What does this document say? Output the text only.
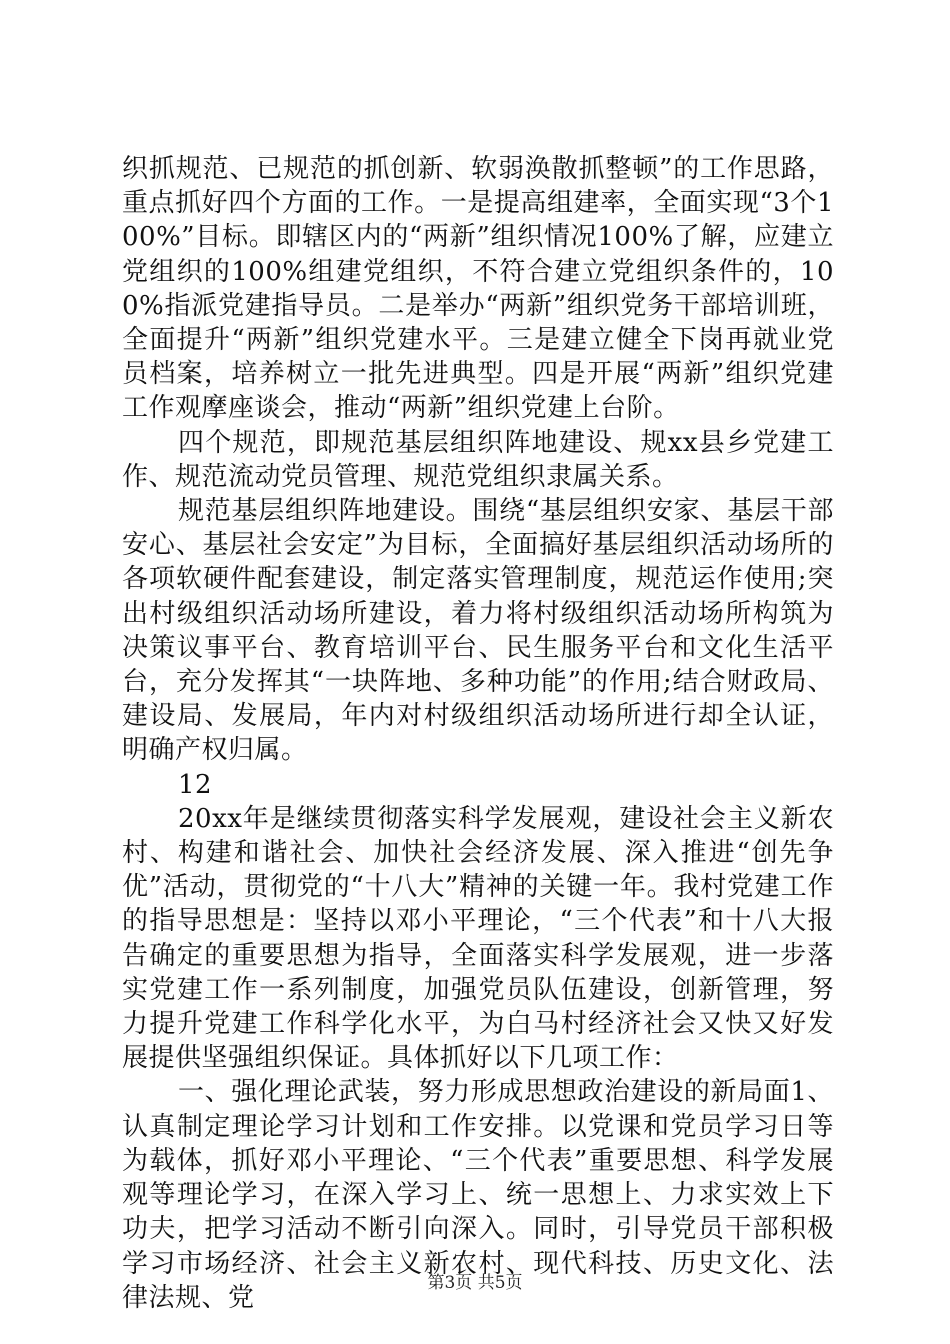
织抓规范、已规范的抓创新、软弱涣散抓整顿”的工作思路，重点抓好四个方面的工作。一是提高组建率，全面实现“3个100%”目标。即辖区内的“两新”组织情况100%了解，应建立党组织的100%组建党组织，不符合建立党组织条件的，100%指派党建指导员。二是举办“两新”组织党务干部培训班，全面提升“两新”组织党建水平。三是建立健全下岗再就业党员档案，培养树立一批先进典型。四是开展“两新”组织党建工作观摩座谈会，推动“两新”组织党建上台阶。

四个规范，即规范基层组织阵地建设、规xx县乡党建工作、规范流动党员管理、规范党组织隶属关系。

规范基层组织阵地建设。围绕“基层组织安家、基层干部安心、基层社会安定”为目标，全面搞好基层组织活动场所的各项软硬件配套建设，制定落实管理制度，规范运作使用;突出村级组织活动场所建设，着力将村级组织活动场所构筑为决策议事平台、教育培训平台、民生服务平台和文化生活平台，充分发挥其“一块阵地、多种功能”的作用;结合财政局、建设局、发展局，年内对村级组织活动场所进行却全认证，明确产权归属。

12

20xx年是继续贯彻落实科学发展观，建设社会主义新农村、构建和谐社会、加快社会经济发展、深入推进“创先争优”活动，贯彻党的“十八大”精神的关键一年。我村党建工作的指导思想是：坚持以邓小平理论，“三个代表”和十八大报告确定的重要思想为指导，全面落实科学发展观，进一步落实党建工作一系列制度，加强党员队伍建设，创新管理，努力提升党建工作科学化水平，为白马村经济社会又快又好发展提供坚强组织保证。具体抓好以下几项工作：

一、强化理论武装，努力形成思想政治建设的新局面1、认真制定理论学习计划和工作安排。以党课和党员学习日等为载体，抓好邓小平理论、“三个代表”重要思想、科学发展观等理论学习，在深入学习上、统一思想上、力求实效上下功夫，把学习活动不断引向深入。同时，引导党员干部积极学习市场经济、社会主义新农村、现代科技、历史文化、法律法规、党	第3页 共5页
